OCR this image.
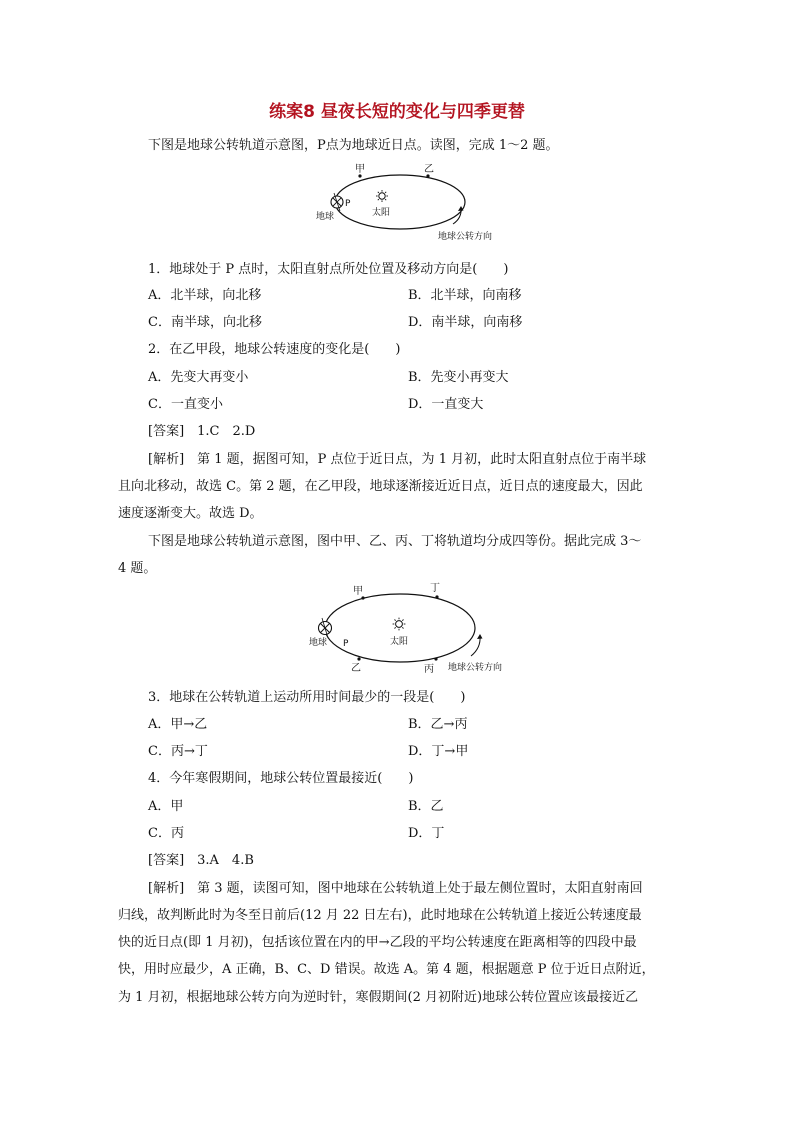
练案8 昼夜长短的变化与四季更替
下图是地球公转轨道示意图，P点为地球近日点。读图，完成 1～2 题。
甲	乙
P
地球	太阳
地球公转方向
1．地球处于 P 点时，太阳直射点所处位置及移动方向是(　　)
A．北半球，向北移	B．北半球，向南移
C．南半球，向北移	D．南半球，向南移
2．在乙甲段，地球公转速度的变化是(　　)
A．先变大再变小	B．先变小再变大
C．一直变小	D．一直变大
[答案]　1.C　2.D
[解析]　第 1 题，据图可知，P 点位于近日点，为 1 月初，此时太阳直射点位于南半球
且向北移动，故选 C。第 2 题，在乙甲段，地球逐渐接近近日点，近日点的速度最大，因此
速度逐渐变大。故选 D。
下图是地球公转轨道示意图，图中甲、乙、丙、丁将轨道均分成四等份。据此完成 3～
4 题。
甲	丁
乙	丙
P
地球	太阳
地球公转方向
3．地球在公转轨道上运动所用时间最少的一段是(　　)
A．甲→乙	B．乙→丙
C．丙→丁	D．丁→甲
4．今年寒假期间，地球公转位置最接近(　　)
A．甲	B．乙
C．丙	D．丁
[答案]　3.A　4.B
[解析]　第 3 题，读图可知，图中地球在公转轨道上处于最左侧位置时，太阳直射南回
归线，故判断此时为冬至日前后(12 月 22 日左右)，此时地球在公转轨道上接近公转速度最
快的近日点(即 1 月初)，包括该位置在内的甲→乙段的平均公转速度在距离相等的四段中最
快，用时应最少，A 正确，B、C、D 错误。故选 A。第 4 题，根据题意 P 位于近日点附近，
为 1 月初，根据地球公转方向为逆时针，寒假期间(2 月初附近)地球公转位置应该最接近乙
